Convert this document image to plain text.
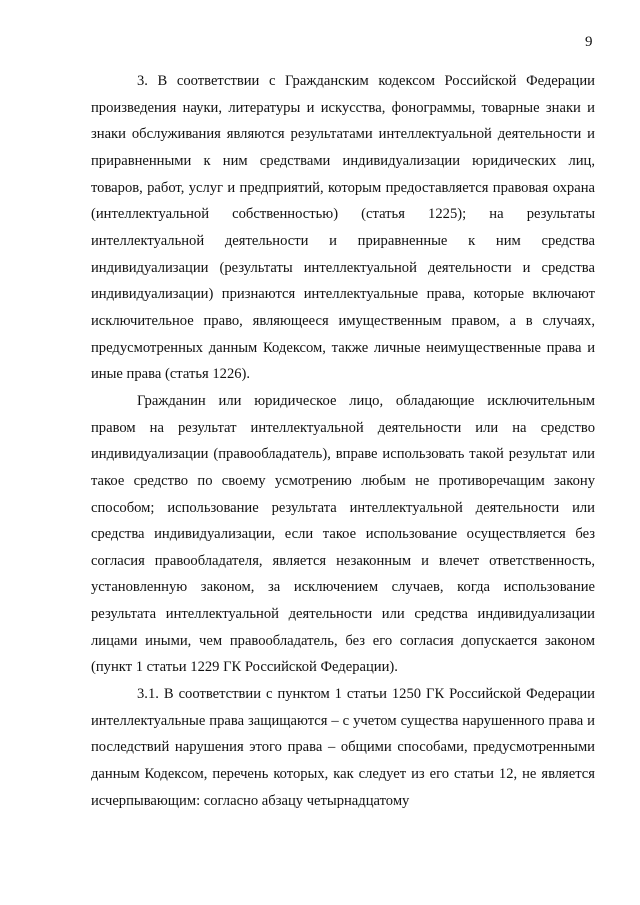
9

3. В соответствии с Гражданским кодексом Российской Федерации произведения науки, литературы и искусства, фонограммы, товарные знаки и знаки обслуживания являются результатами интеллектуальной деятельности и приравненными к ним средствами индивидуализации юридических лиц, товаров, работ, услуг и предприятий, которым предоставляется правовая охрана (интеллектуальной собственностью) (статья 1225); на результаты интеллектуальной деятельности и приравненные к ним средства индивидуализации (результаты интеллектуальной деятельности и средства индивидуализации) признаются интеллектуальные права, которые включают исключительное право, являющееся имущественным правом, а в случаях, предусмотренных данным Кодексом, также личные неимущественные права и иные права (статья 1226).

Гражданин или юридическое лицо, обладающие исключительным правом на результат интеллектуальной деятельности или на средство индивидуализации (правообладатель), вправе использовать такой результат или такое средство по своему усмотрению любым не противоречащим закону способом; использование результата интеллектуальной деятельности или средства индивидуализации, если такое использование осуществляется без согласия правообладателя, является незаконным и влечет ответственность, установленную законом, за исключением случаев, когда использование результата интеллектуальной деятельности или средства индивидуализации лицами иными, чем правообладатель, без его согласия допускается законом (пункт 1 статьи 1229 ГК Российской Федерации).

3.1. В соответствии с пунктом 1 статьи 1250 ГК Российской Федерации интеллектуальные права защищаются – с учетом существа нарушенного права и последствий нарушения этого права – общими способами, предусмотренными данным Кодексом, перечень которых, как следует из его статьи 12, не является исчерпывающим: согласно абзацу четырнадцатому
